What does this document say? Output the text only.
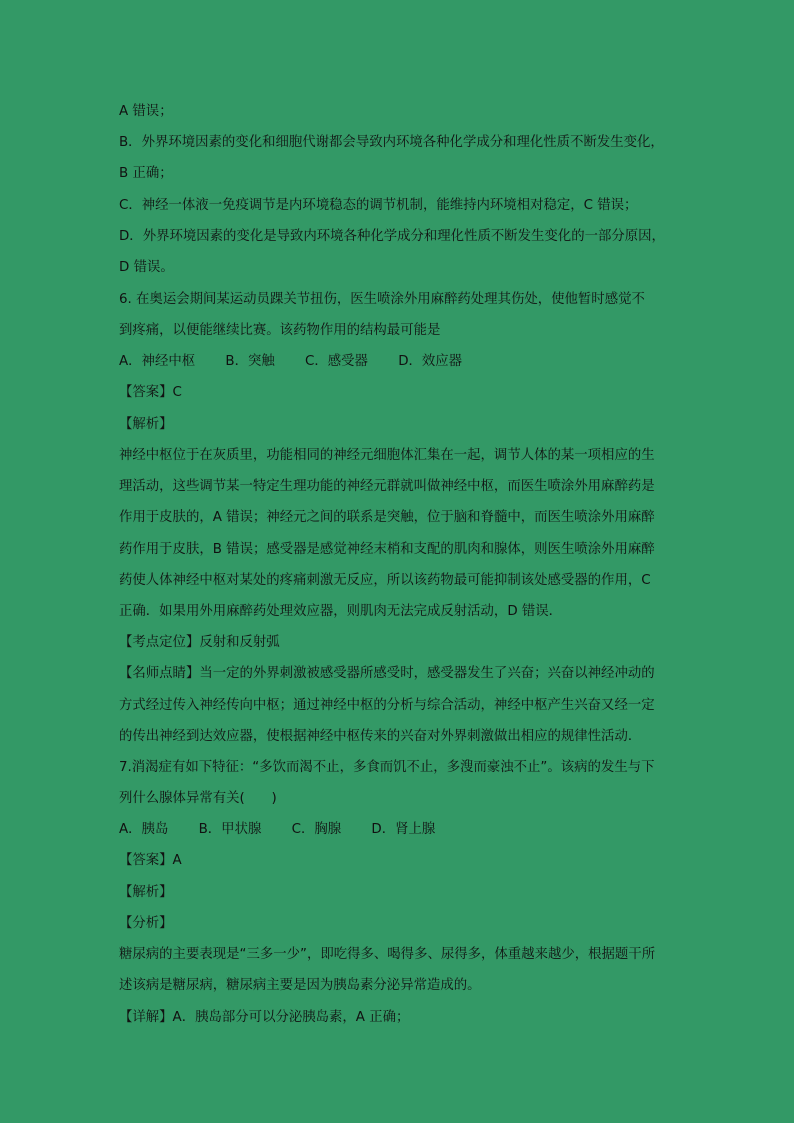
A 错误；
B．外界环境因素的变化和细胞代谢都会导致内环境各种化学成分和理化性质不断发生变化，
B 正确；
C．神经一体液一免疫调节是内环境稳态的调节机制，能维持内环境相对稳定，C 错误；
D．外界环境因素的变化是导致内环境各种化学成分和理化性质不断发生变化的一部分原因，
D 错误。
6. 在奥运会期间某运动员踝关节扭伤，医生喷涂外用麻醉药处理其伤处，使他暂时感觉不
到疼痛，以便能继续比赛。该药物作用的结构最可能是
A．神经中枢 B．突触 C．感受器 D．效应器
【答案】C
【解析】
神经中枢位于在灰质里，功能相同的神经元细胞体汇集在一起，调节人体的某一项相应的生
理活动，这些调节某一特定生理功能的神经元群就叫做神经中枢，而医生喷涂外用麻醉药是
作用于皮肤的，A 错误；神经元之间的联系是突触，位于脑和脊髓中，而医生喷涂外用麻醉
药作用于皮肤，B 错误；感受器是感觉神经末梢和支配的肌肉和腺体，则医生喷涂外用麻醉
药使人体神经中枢对某处的疼痛刺激无反应，所以该药物最可能抑制该处感受器的作用，C
正确．如果用外用麻醉药处理效应器，则肌肉无法完成反射活动，D 错误．
【考点定位】反射和反射弧
【名师点睛】当一定的外界刺激被感受器所感受时，感受器发生了兴奋；兴奋以神经冲动的
方式经过传入神经传向中枢；通过神经中枢的分析与综合活动，神经中枢产生兴奋又经一定
的传出神经到达效应器，使根据神经中枢传来的兴奋对外界刺激做出相应的规律性活动．
7.消渴症有如下特征：“多饮而渴不止，多食而饥不止，多溲而豪浊不止”。该病的发生与下
列什么腺体异常有关(　　)
A．胰岛 B．甲状腺 C．胸腺 D．肾上腺
【答案】A
【解析】
【分析】
糖尿病的主要表现是“三多一少”，即吃得多、喝得多、尿得多，体重越来越少，根据题干所
述该病是糖尿病，糖尿病主要是因为胰岛素分泌异常造成的。
【详解】A．胰岛部分可以分泌胰岛素，A 正确；
